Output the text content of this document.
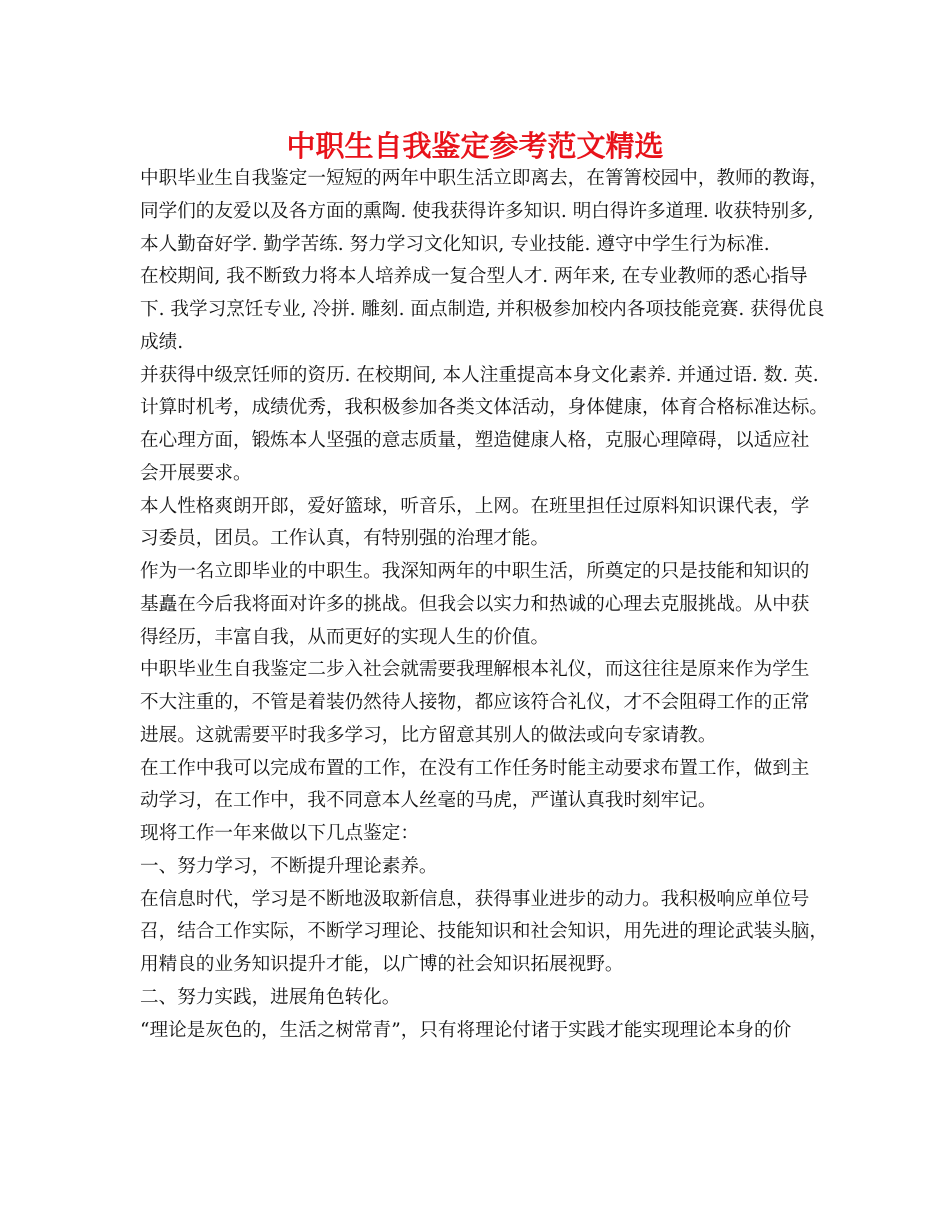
中职生自我鉴定参考范文精选
中职毕业生自我鉴定一短短的两年中职生活立即离去，在箐箐校园中，教师的教诲，
同学们的友爱以及各方面的熏陶. 使我获得许多知识. 明白得许多道理. 收获特别多,
本人勤奋好学. 勤学苦练. 努力学习文化知识, 专业技能. 遵守中学生行为标准.
在校期间, 我不断致力将本人培养成一复合型人才. 两年来, 在专业教师的悉心指导
下. 我学习烹饪专业, 冷拼. 雕刻. 面点制造, 并积极参加校内各项技能竞赛. 获得优良
成绩.
并获得中级烹饪师的资历. 在校期间, 本人注重提高本身文化素养. 并通过语. 数. 英.
计算时机考，成绩优秀，我积极参加各类文体活动，身体健康，体育合格标准达标。
在心理方面，锻炼本人坚强的意志质量，塑造健康人格，克服心理障碍，以适应社
会开展要求。
本人性格爽朗开郎，爱好篮球，听音乐，上网。在班里担任过原料知识课代表，学
习委员，团员。工作认真，有特别强的治理才能。
作为一名立即毕业的中职生。我深知两年的中职生活，所奠定的只是技能和知识的
基矗在今后我将面对许多的挑战。但我会以实力和热诚的心理去克服挑战。从中获
得经历，丰富自我，从而更好的实现人生的价值。
中职毕业生自我鉴定二步入社会就需要我理解根本礼仪，而这往往是原来作为学生
不大注重的，不管是着装仍然待人接物，都应该符合礼仪，才不会阻碍工作的正常
进展。这就需要平时我多学习，比方留意其别人的做法或向专家请教。
在工作中我可以完成布置的工作，在没有工作任务时能主动要求布置工作，做到主
动学习，在工作中，我不同意本人丝毫的马虎，严谨认真我时刻牢记。
现将工作一年来做以下几点鉴定：
一、努力学习，不断提升理论素养。
在信息时代，学习是不断地汲取新信息，获得事业进步的动力。我积极响应单位号
召，结合工作实际，不断学习理论、技能知识和社会知识，用先进的理论武装头脑，
用精良的业务知识提升才能，以广博的社会知识拓展视野。
二、努力实践，进展角色转化。
“理论是灰色的，生活之树常青”，只有将理论付诸于实践才能实现理论本身的价
